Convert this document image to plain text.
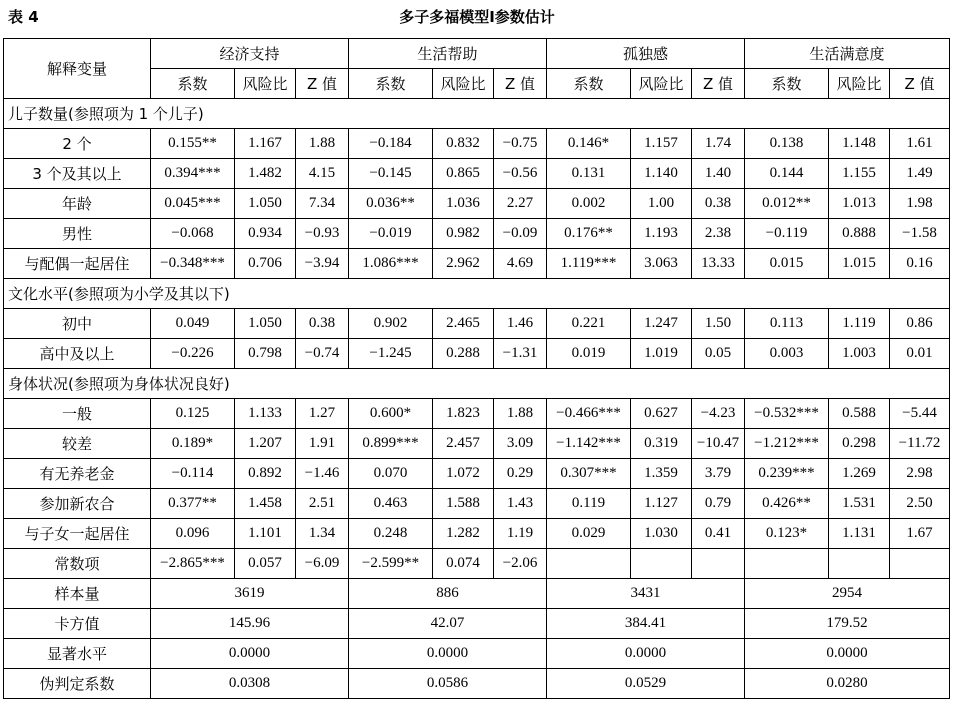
表 4	多子多福模型Ⅰ参数估计
解释变量	经济支持			生活帮助			孤独感			生活满意度		
	系数	风险比	Z 值	系数	风险比	Z 值	系数	风险比	Z 值	系数	风险比	Z 值
儿子数量(参照项为 1 个儿子)												
2 个	0.155**	1.167	1.88	−0.184	0.832	−0.75	0.146*	1.157	1.74	0.138	1.148	1.61
3 个及其以上	0.394***	1.482	4.15	−0.145	0.865	−0.56	0.131	1.140	1.40	0.144	1.155	1.49
年龄	0.045***	1.050	7.34	0.036**	1.036	2.27	0.002	1.00	0.38	0.012**	1.013	1.98
男性	−0.068	0.934	−0.93	−0.019	0.982	−0.09	0.176**	1.193	2.38	−0.119	0.888	−1.58
与配偶一起居住	−0.348***	0.706	−3.94	1.086***	2.962	4.69	1.119***	3.063	13.33	0.015	1.015	0.16
文化水平(参照项为小学及其以下)												
初中	0.049	1.050	0.38	0.902	2.465	1.46	0.221	1.247	1.50	0.113	1.119	0.86
高中及以上	−0.226	0.798	−0.74	−1.245	0.288	−1.31	0.019	1.019	0.05	0.003	1.003	0.01
身体状况(参照项为身体状况良好)												
一般	0.125	1.133	1.27	0.600*	1.823	1.88	−0.466***	0.627	−4.23	−0.532***	0.588	−5.44
较差	0.189*	1.207	1.91	0.899***	2.457	3.09	−1.142***	0.319	−10.47	−1.212***	0.298	−11.72
有无养老金	−0.114	0.892	−1.46	0.070	1.072	0.29	0.307***	1.359	3.79	0.239***	1.269	2.98
参加新农合	0.377**	1.458	2.51	0.463	1.588	1.43	0.119	1.127	0.79	0.426**	1.531	2.50
与子女一起居住	0.096	1.101	1.34	0.248	1.282	1.19	0.029	1.030	0.41	0.123*	1.131	1.67
常数项	−2.865***	0.057	−6.09	−2.599**	0.074	−2.06						
样本量	3619			886			3431			2954		
卡方值	145.96			42.07			384.41			179.52		
显著水平	0.0000			0.0000			0.0000			0.0000		
伪判定系数	0.0308			0.0586			0.0529			0.0280		
